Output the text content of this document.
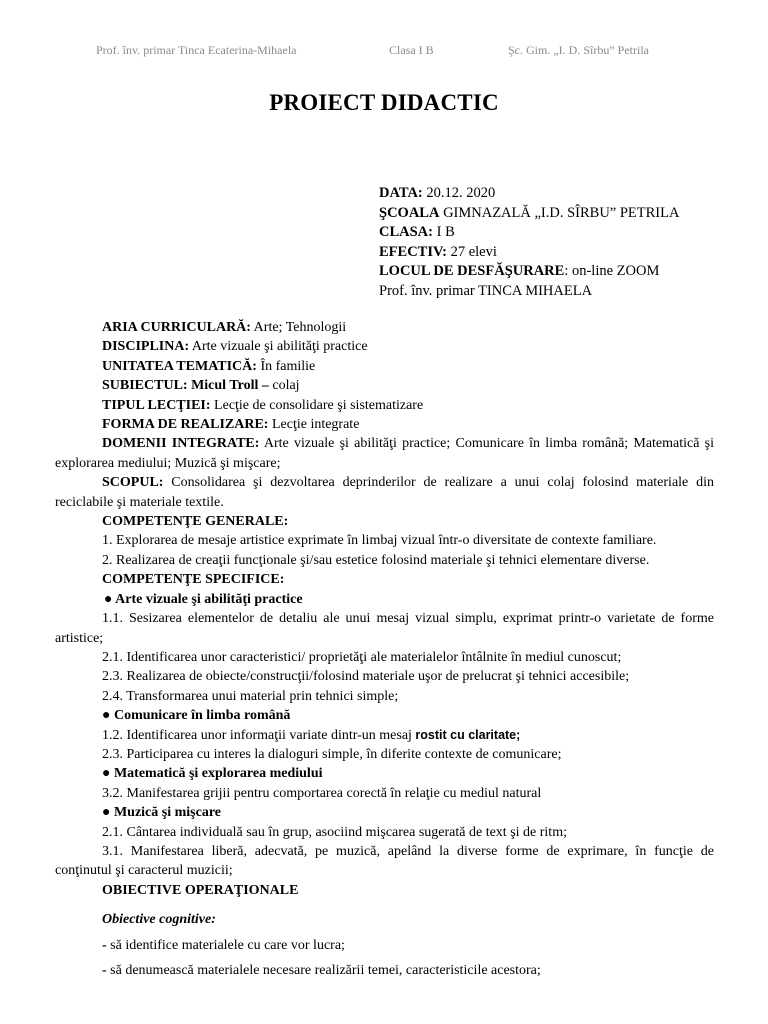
Prof. înv. primar Tinca Ecaterina-Mihaela	Clasa I B	Şc. Gim. „I. D. Sîrbu” Petrila
PROIECT DIDACTIC
DATA: 20.12. 2020
ŞCOALA GIMNAZALĂ „I.D. SÎRBU” PETRILA
CLASA: I B
EFECTIV: 27 elevi
LOCUL DE DESFĂŞURARE: on-line ZOOM
Prof. înv. primar TINCA MIHAELA
ARIA CURRICULARĂ: Arte; Tehnologii
DISCIPLINA: Arte vizuale şi abilităţi practice
UNITATEA TEMATICĂ: În familie
SUBIECTUL: Micul Troll – colaj
TIPUL LECŢIEI: Lecţie de consolidare şi sistematizare
FORMA DE REALIZARE: Lecţie integrate
DOMENII INTEGRATE: Arte vizuale şi abilităţi practice; Comunicare în limba română; Matematică şi explorarea mediului; Muzică şi mişcare;
SCOPUL: Consolidarea şi dezvoltarea deprinderilor de realizare a unui colaj folosind materiale din reciclabile şi materiale textile.
COMPETENŢE GENERALE:
1. Explorarea de mesaje artistice exprimate în limbaj vizual într-o diversitate de contexte familiare.
2. Realizarea de creaţii funcţionale şi/sau estetice folosind materiale şi tehnici elementare diverse.
COMPETENŢE SPECIFICE:
● Arte vizuale şi abilităţi practice
1.1. Sesizarea elementelor de detaliu ale unui mesaj vizual simplu, exprimat printr-o varietate de forme artistice;
2.1. Identificarea unor caracteristici/ proprietăţi ale materialelor întâlnite în mediul cunoscut;
2.3. Realizarea de obiecte/construcţii/folosind materiale uşor de prelucrat şi tehnici accesibile;
2.4. Transformarea unui material prin tehnici simple;
● Comunicare în limba română
1.2. Identificarea unor informaţii variate dintr-un mesaj rostit cu claritate;
2.3. Participarea cu interes la dialoguri simple, în diferite contexte de comunicare;
● Matematică şi explorarea mediului
3.2. Manifestarea grijii pentru comportarea corectă în relaţie cu mediul natural
● Muzică şi mişcare
2.1. Cântarea individuală sau în grup, asociind mişcarea sugerată de text şi de ritm;
3.1. Manifestarea liberă, adecvată, pe muzică, apelând la diverse forme de exprimare, în funcţie de conţinutul şi caracterul muzicii;
OBIECTIVE OPERAŢIONALE
Obiective cognitive:
- să identifice materialele cu care vor lucra;
- să denumească materialele necesare realizării temei, caracteristicile acestora;
